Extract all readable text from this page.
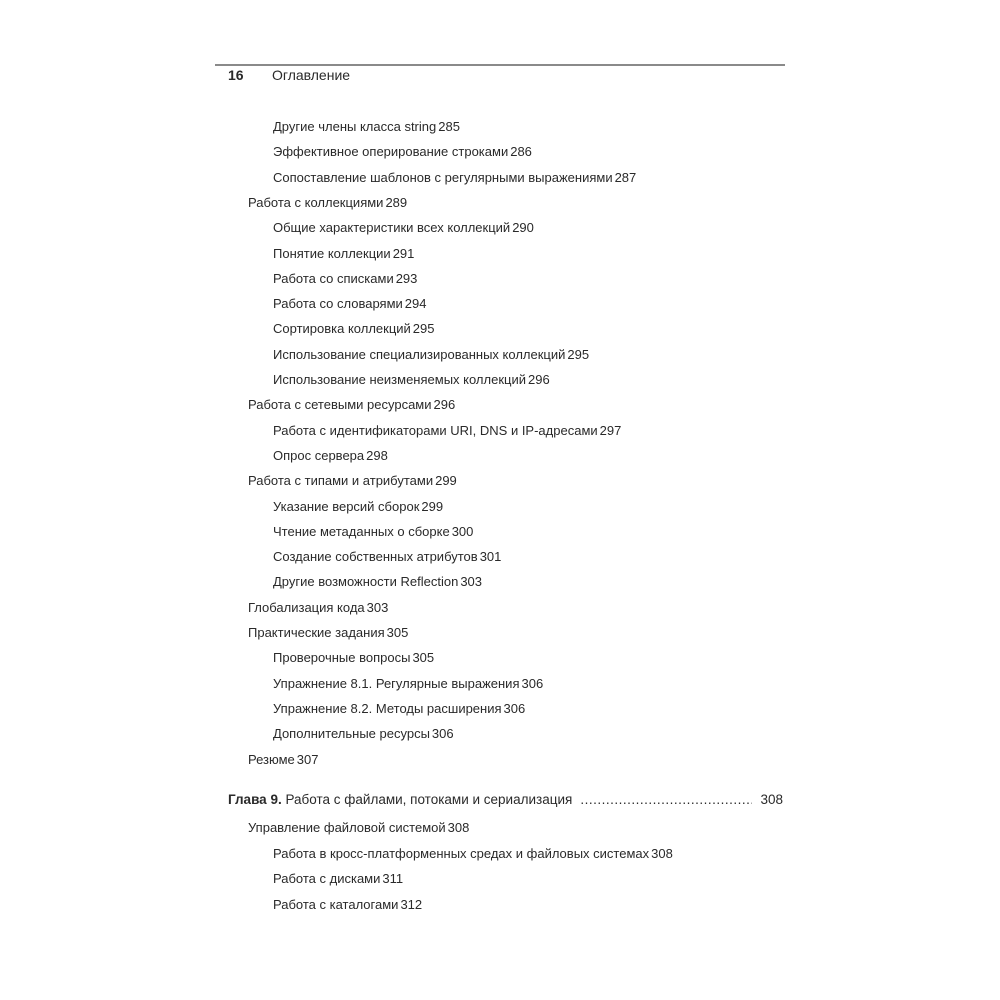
16 Оглавление
Другие члены класса string 285
Эффективное оперирование строками 286
Сопоставление шаблонов с регулярными выражениями 287
Работа с коллекциями 289
Общие характеристики всех коллекций 290
Понятие коллекции 291
Работа со списками 293
Работа со словарями 294
Сортировка коллекций 295
Использование специализированных коллекций 295
Использование неизменяемых коллекций 296
Работа с сетевыми ресурсами 296
Работа с идентификаторами URI, DNS и IP-адресами 297
Опрос сервера 298
Работа с типами и атрибутами 299
Указание версий сборок 299
Чтение метаданных о сборке 300
Создание собственных атрибутов 301
Другие возможности Reflection 303
Глобализация кода 303
Практические задания 305
Проверочные вопросы 305
Упражнение 8.1. Регулярные выражения 306
Упражнение 8.2. Методы расширения 306
Дополнительные ресурсы 306
Резюме 307
Управление файловой системой 308
Работа в кросс-платформенных средах и файловых системах 308
Работа с дисками 311
Работа с каталогами 312
Глава 9. Работа с файлами, потоками и сериализация .....	308
